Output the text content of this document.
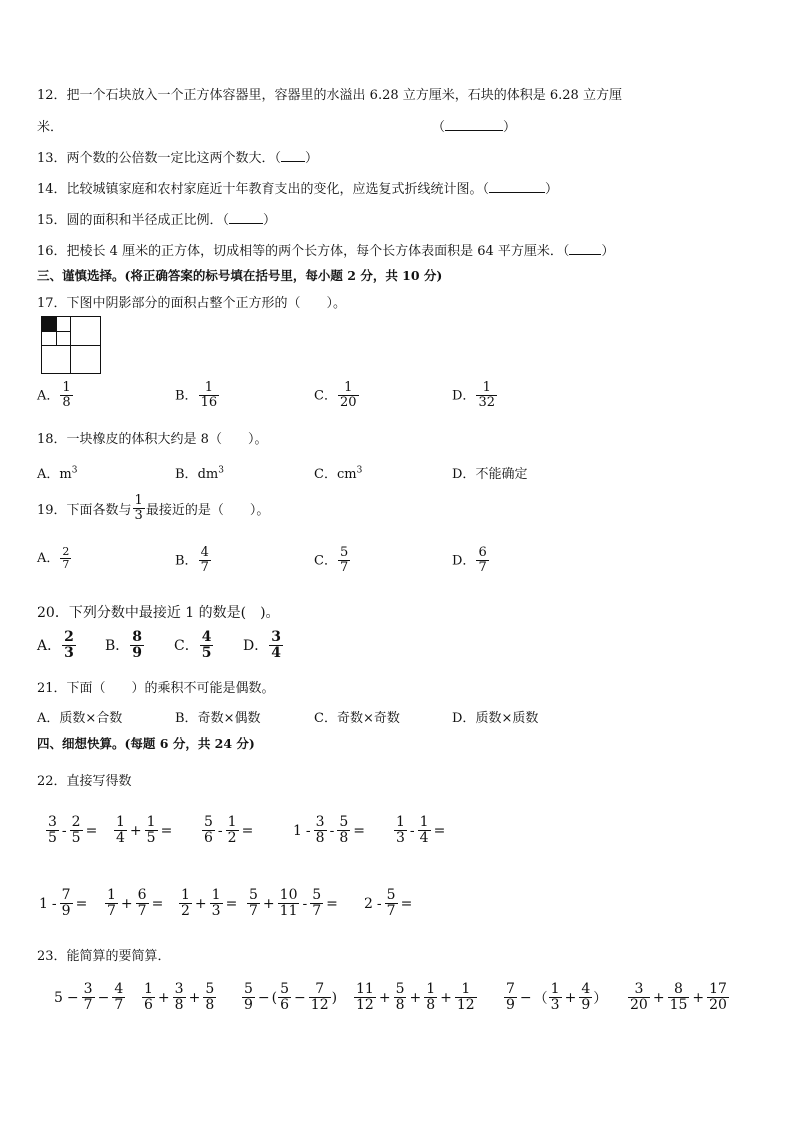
12．把一个石块放入一个正方体容器里，容器里的水溢出 6.28 立方厘米，石块的体积是 6.28 立方厘
米．	（	）
13．两个数的公倍数一定比这两个数大．（ ）
14．比较城镇家庭和农村家庭近十年教育支出的变化，应选复式折线统计图。（	）
15．圆的面积和半径成正比例．（	）
16．把棱长 4 厘米的正方体，切成相等的两个长方体，每个长方体表面积是 64 平方厘米．（ ）
三、谨慎选择。(将正确答案的标号填在括号里，每小题 2 分，共 10 分)
17．下图中阴影部分的面积占整个正方形的（　　）。
A． $\frac{1}{8}$	B． $\frac{1}{16}$	C． $\frac{1}{20}$	D． $\frac{1}{32}$
18．一块橡皮的体积大约是 8（　　）。
A．$m^3$	B．$dm^3$	C．$cm^3$	D．不能确定
19．下面各数与 $\frac{1}{3}$ 最接近的是（　　）。
A． $\frac{2}{7}$	B． $\frac{4}{7}$	C． $\frac{5}{7}$	D． $\frac{6}{7}$
20．下列分数中最接近 1 的数是(　)。
A． $\frac{2}{3}$ B． $\frac{8}{9}$ C． $\frac{4}{5}$ D． $\frac{3}{4}$
21．下面（　　）的乘积不可能是偶数。
A．质数×合数	B．奇数×偶数	C．奇数×奇数	D．质数×质数
四、细想快算。(每题 6 分，共 24 分)
22．直接写得数
$\frac{3}{5} - \frac{2}{5} = \frac{1}{4} + \frac{1}{5} = \frac{5}{6} - \frac{1}{2}$ =	$1 - \frac{3}{8} - \frac{5}{8} = \frac{1}{3} - \frac{1}{4}$ =
$1 - \frac{7}{9} = \frac{1}{7} + \frac{6}{7} = \frac{1}{2} + \frac{1}{3} = \frac{5}{7} + \frac{10}{11} - \frac{5}{7} = 2 - \frac{5}{7}$ =
23．能简算的要简算．
$5 - \frac{3}{7} - \frac{4}{7} \frac{1}{6} + \frac{3}{8} + \frac{5}{8} \frac{5}{9}$ − ( $\frac{5}{6} - \frac{7}{12}$ ) $\frac{11}{12} + \frac{5}{8} + \frac{1}{8} + \frac{1}{12} \frac{7}{9}$ − （ $\frac{1}{3} + \frac{4}{9}$ ） $\frac{3}{20} + \frac{8}{15} + \frac{17}{20}$
